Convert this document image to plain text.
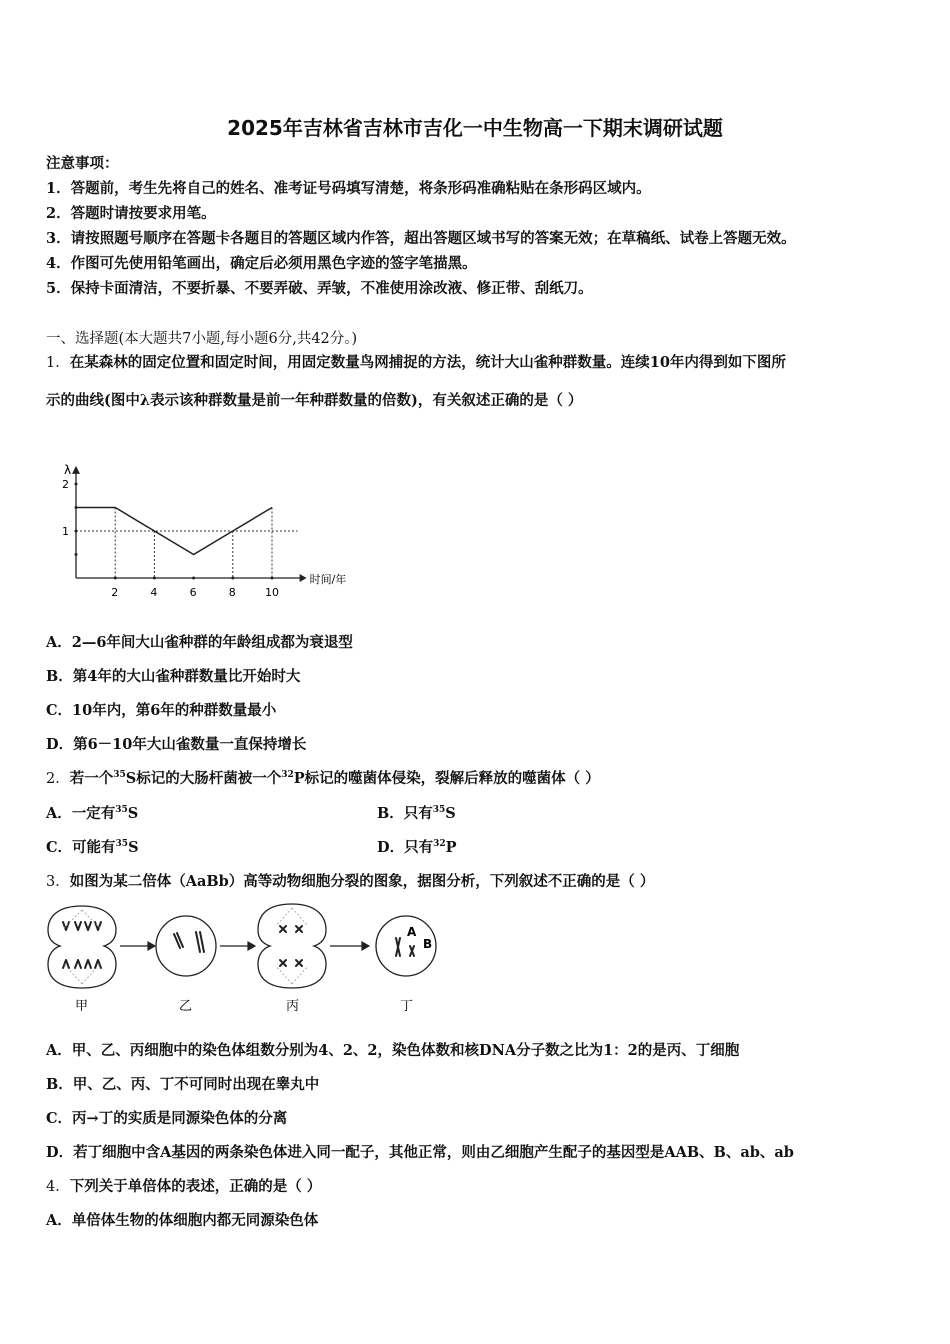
2025年吉林省吉林市吉化一中生物高一下期末调研试题
注意事项：
1．答题前，考生先将自己的姓名、准考证号码填写清楚，将条形码准确粘贴在条形码区域内。
2．答题时请按要求用笔。
3．请按照题号顺序在答题卡各题目的答题区域内作答，超出答题区域书写的答案无效；在草稿纸、试卷上答题无效。
4．作图可先使用铅笔画出，确定后必须用黑色字迹的签字笔描黑。
5．保持卡面清洁，不要折暴、不要弄破、弄皱，不准使用涂改液、修正带、刮纸刀。
一、选择题(本大题共7小题,每小题6分,共42分。)
1．在某森林的固定位置和固定时间，用固定数量鸟网捕捉的方法，统计大山雀种群数量。连续10年内得到如下图所
示的曲线(图中λ表示该种群数量是前一年种群数量的倍数)，有关叙述正确的是（ ）
λ
时间/年
2
1
2	4	6	8	10
A．2—6年间大山雀种群的年龄组成都为衰退型
B．第4年的大山雀种群数量比开始时大
C．10年内，第6年的种群数量最小
D．第6－10年大山雀数量一直保持增长
2．若一个$^{35}$S标记的大肠杆菌被一个$^{32}$P标记的噬菌体侵染，裂解后释放的噬菌体（ ）
A．一定有$^{35}$S	B．只有$^{35}$S
C．可能有$^{35}$S	D．只有$^{32}$P
3．如图为某二倍体（AaBb）高等动物细胞分裂的图象，据图分析，下列叙述不正确的是（ ）
A
B
甲	乙	丙	丁
A．甲、乙、丙细胞中的染色体组数分别为4、2、2，染色体数和核DNA分子数之比为1：2的是丙、丁细胞
B．甲、乙、丙、丁不可同时出现在睾丸中
C．丙→丁的实质是同源染色体的分离
D．若丁细胞中含A基因的两条染色体进入同一配子，其他正常，则由乙细胞产生配子的基因型是AAB、B、ab、ab
4．下列关于单倍体的表述，正确的是（ ）
A．单倍体生物的体细胞内都无同源染色体
